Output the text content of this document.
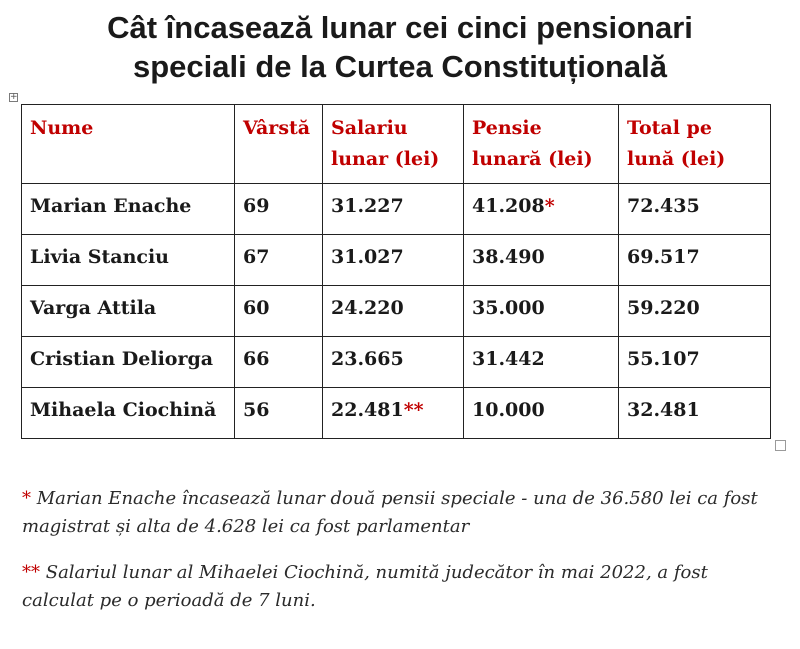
Cât încasează lunar cei cinci pensionari
speciali de la Curtea Constituțională
+
Nume	Vârstă	Salariu lunar (lei)	Pensie lunară (lei)	Total pe lună (lei)
Marian Enache	69	31.227	41.208*	72.435
Livia Stanciu	67	31.027	38.490	69.517
Varga Attila	60	24.220	35.000	59.220
Cristian Deliorga	66	23.665	31.442	55.107
Mihaela Ciochină	56	22.481**	10.000	32.481

* Marian Enache încasează lunar două pensii speciale - una de 36.580 lei ca fost magistrat și alta de 4.628 lei ca fost parlamentar

** Salariul lunar al Mihaelei Ciochină, numită judecător în mai 2022, a fost calculat pe o perioadă de 7 luni.
